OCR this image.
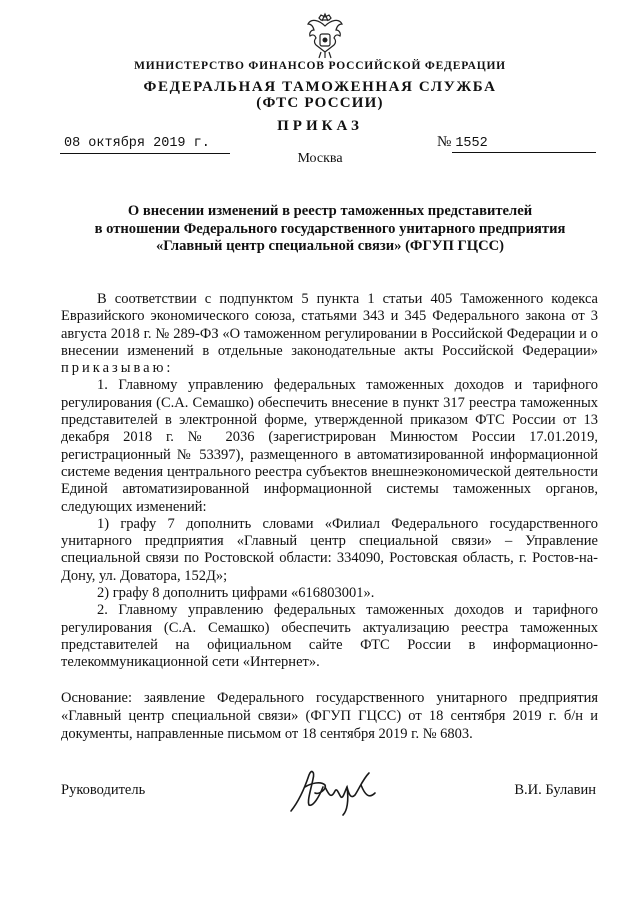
МИНИСТЕРСТВО ФИНАНСОВ РОССИЙСКОЙ ФЕДЕРАЦИИ
ФЕДЕРАЛЬНАЯ ТАМОЖЕННАЯ СЛУЖБА
(ФТС РОССИИ)
ПРИКАЗ
08 октября 2019 г.	№ 1552
Москва
О внесении изменений в реестр таможенных представителей
в отношении Федерального государственного унитарного предприятия
«Главный центр специальной связи» (ФГУП ГЦСС)

В соответствии с подпунктом 5 пункта 1 статьи 405 Таможенного кодекса Евразийского экономического союза, статьями 343 и 345 Федерального закона от 3 августа 2018 г. № 289-ФЗ «О таможенном регулировании в Российской Федерации и о внесении изменений в отдельные законодательные акты Российской Федерации» приказываю:

1. Главному управлению федеральных таможенных доходов и тарифного регулирования (С.А. Семашко) обеспечить внесение в пункт 317 реестра таможенных представителей в электронной форме, утвержденной приказом ФТС России от 13 декабря 2018 г. № 2036 (зарегистрирован Минюстом России 17.01.2019, регистрационный № 53397), размещенного в автоматизированной информационной системе ведения центрального реестра субъектов внешнеэкономической деятельности Единой автоматизированной информационной системы таможенных органов, следующих изменений:

1) графу 7 дополнить словами «Филиал Федерального государственного унитарного предприятия «Главный центр специальной связи» – Управление специальной связи по Ростовской области: 334090, Ростовская область, г. Ростов-на-Дону, ул. Доватора, 152Д»;

2) графу 8 дополнить цифрами «616803001».

2. Главному управлению федеральных таможенных доходов и тарифного регулирования (С.А. Семашко) обеспечить актуализацию реестра таможенных представителей на официальном сайте ФТС России в информационно-телекоммуникационной сети «Интернет».

Основание: заявление Федерального государственного унитарного предприятия «Главный центр специальной связи» (ФГУП ГЦСС) от 18 сентября 2019 г. б/н и документы, направленные письмом от 18 сентября 2019 г. № 6803.

Руководитель	В.И. Булавин
